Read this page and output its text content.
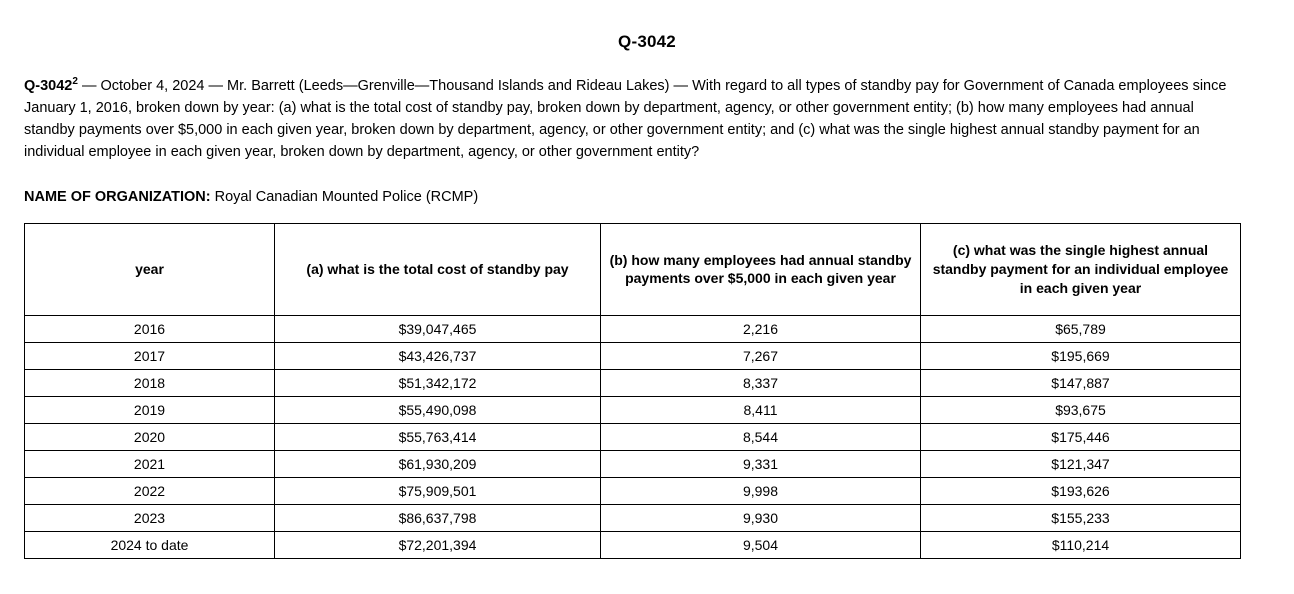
Q-3042

Q-3042$^2$ — October 4, 2024 — Mr. Barrett (Leeds—Grenville—Thousand Islands and Rideau Lakes) — With regard to all types of standby pay for Government of Canada employees since January 1, 2016, broken down by year: (a) what is the total cost of standby pay, broken down by department, agency, or other government entity; (b) how many employees had annual standby payments over $5,000 in each given year, broken down by department, agency, or other government entity; and (c) what was the single highest annual standby payment for an individual employee in each given year, broken down by department, agency, or other government entity?

NAME OF ORGANIZATION: Royal Canadian Mounted Police (RCMP)
year	(a) what is the total cost of standby pay	(b) how many employees had annual standby payments over $5,000 in each given year	(c) what was the single highest annual standby payment for an individual employee in each given year
2016	$39,047,465	2,216	$65,789
2017	$43,426,737	7,267	$195,669
2018	$51,342,172	8,337	$147,887
2019	$55,490,098	8,411	$93,675
2020	$55,763,414	8,544	$175,446
2021	$61,930,209	9,331	$121,347
2022	$75,909,501	9,998	$193,626
2023	$86,637,798	9,930	$155,233
2024 to date	$72,201,394	9,504	$110,214
